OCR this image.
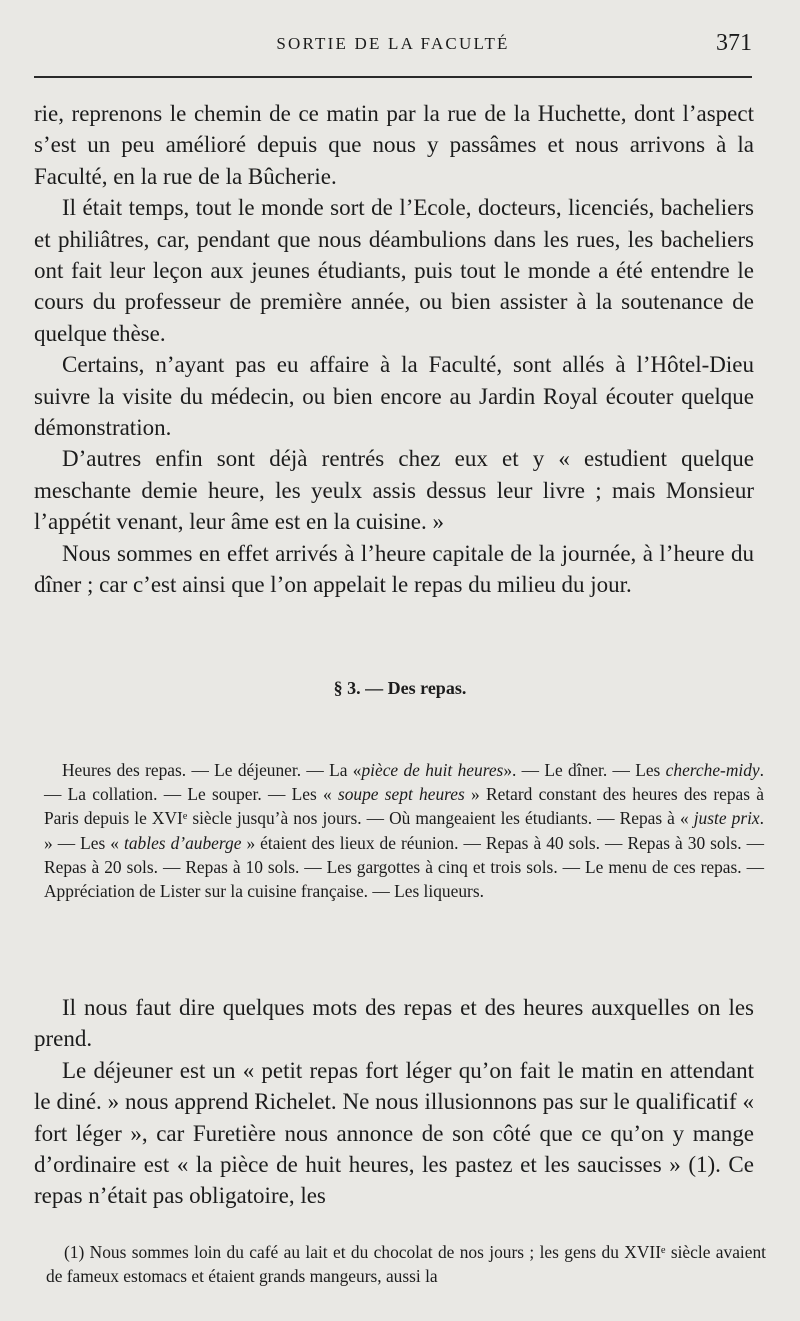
SORTIE DE LA FACULTÉ	371

rie, reprenons le chemin de ce matin par la rue de la Huchette, dont l’aspect s’est un peu amélioré depuis que nous y passâmes et nous arrivons à la Faculté, en la rue de la Bûcherie.

Il était temps, tout le monde sort de l’Ecole, docteurs, licenciés, bacheliers et philiâtres, car, pendant que nous déambulions dans les rues, les bacheliers ont fait leur leçon aux jeunes étudiants, puis tout le monde a été entendre le cours du professeur de première année, ou bien assister à la soutenance de quelque thèse.

Certains, n’ayant pas eu affaire à la Faculté, sont allés à l’Hôtel-Dieu suivre la visite du médecin, ou bien encore au Jardin Royal écouter quelque démonstration.

D’autres enfin sont déjà rentrés chez eux et y « estudient quelque meschante demie heure, les yeulx assis dessus leur livre ; mais Monsieur l’appétit venant, leur âme est en la cuisine. »

Nous sommes en effet arrivés à l’heure capitale de la journée, à l’heure du dîner ; car c’est ainsi que l’on appelait le repas du milieu du jour.

§ 3. — Des repas.
Heures des repas. — Le déjeuner. — La «pièce de huit heures». — Le dîner. — Les cherche-midy. — La collation. — Le souper. — Les « soupe sept heures » Retard constant des heures des repas à Paris depuis le XVIᵉ siècle jusqu’à nos jours. — Où mangeaient les étudiants. — Repas à « juste prix. » — Les « tables d’auberge » étaient des lieux de réunion. — Repas à 40 sols. — Repas à 30 sols. — Repas à 20 sols. — Repas à 10 sols. — Les gargottes à cinq et trois sols. — Le menu de ces repas. — Appréciation de Lister sur la cuisine française. — Les liqueurs.

Il nous faut dire quelques mots des repas et des heures auxquelles on les prend.

Le déjeuner est un « petit repas fort léger qu’on fait le matin en attendant le diné. » nous apprend Richelet. Ne nous illusionnons pas sur le qualificatif « fort léger », car Furetière nous annonce de son côté que ce qu’on y mange d’ordinaire est « la pièce de huit heures, les pastez et les saucisses » (1). Ce repas n’était pas obligatoire, les

(1) Nous sommes loin du café au lait et du chocolat de nos jours ; les gens du XVIIᵉ siècle avaient de fameux estomacs et étaient grands mangeurs, aussi la
